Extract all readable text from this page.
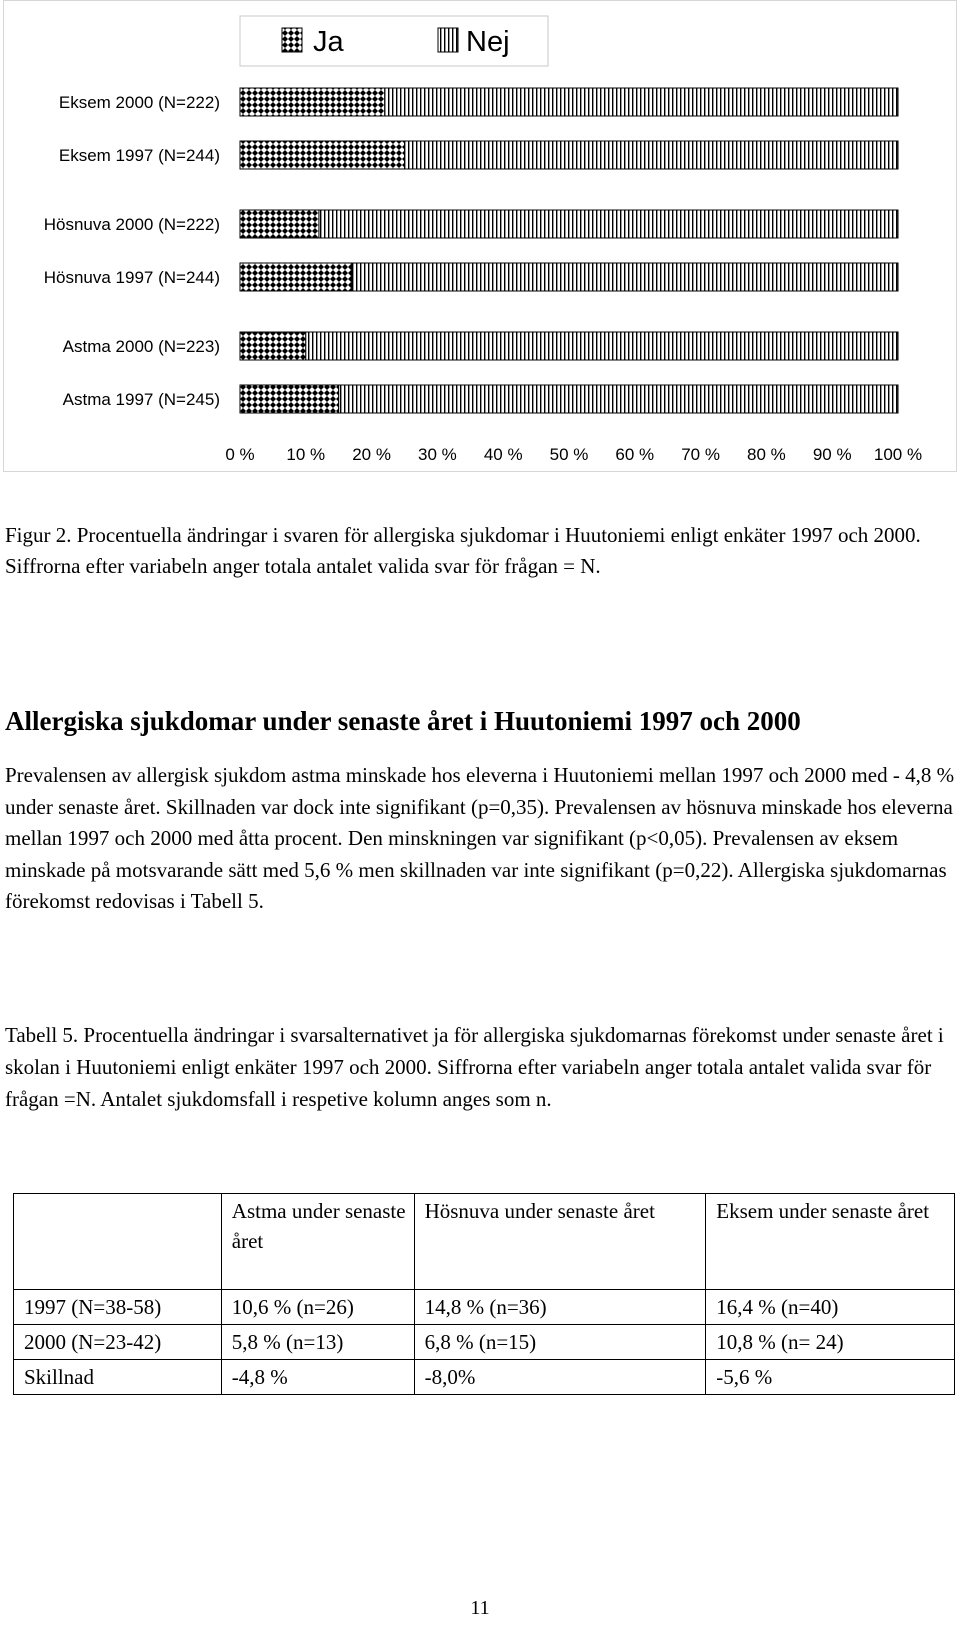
Ja	Nej
Eksem 2000 (N=222)
Eksem 1997 (N=244)
Hösnuva 2000 (N=222)
Hösnuva 1997 (N=244)
Astma 2000 (N=223)
Astma 1997 (N=245)
0 % 10 % 20 % 30 % 40 % 50 % 60 % 70 % 80 % 90 % 100 %
Figur 2. Procentuella ändringar i svaren för allergiska sjukdomar i Huutoniemi enligt enkäter 1997 och 2000. Siffrorna efter variabeln anger totala antalet valida svar för frågan = N.
Allergiska sjukdomar under senaste året i Huutoniemi 1997 och 2000
Prevalensen av allergisk sjukdom astma minskade hos eleverna i Huutoniemi mellan 1997 och 2000 med - 4,8 % under senaste året. Skillnaden var dock inte signifikant (p=0,35). Prevalensen av hösnuva minskade hos eleverna mellan 1997 och 2000 med åtta procent. Den minskningen var signifikant (p<0,05). Prevalensen av eksem minskade på motsvarande sätt med 5,6 % men skillnaden var inte signifikant (p=0,22). Allergiska sjukdomarnas förekomst redovisas i Tabell 5.
Tabell 5. Procentuella ändringar i svarsalternativet ja för allergiska sjukdomarnas förekomst under senaste året i skolan i Huutoniemi enligt enkäter 1997 och 2000. Siffrorna efter variabeln anger totala antalet valida svar för frågan =N. Antalet sjukdomsfall i respetive kolumn anges som n.
	Astma under senaste året	Hösnuva under senaste året	Eksem under senaste året
1997 (N=38-58)	10,6 % (n=26)	14,8 % (n=36)	16,4 % (n=40)
2000 (N=23-42)	5,8 % (n=13)	6,8 % (n=15)	10,8 % (n= 24)
Skillnad	-4,8 %	-8,0%	-5,6 %
11
